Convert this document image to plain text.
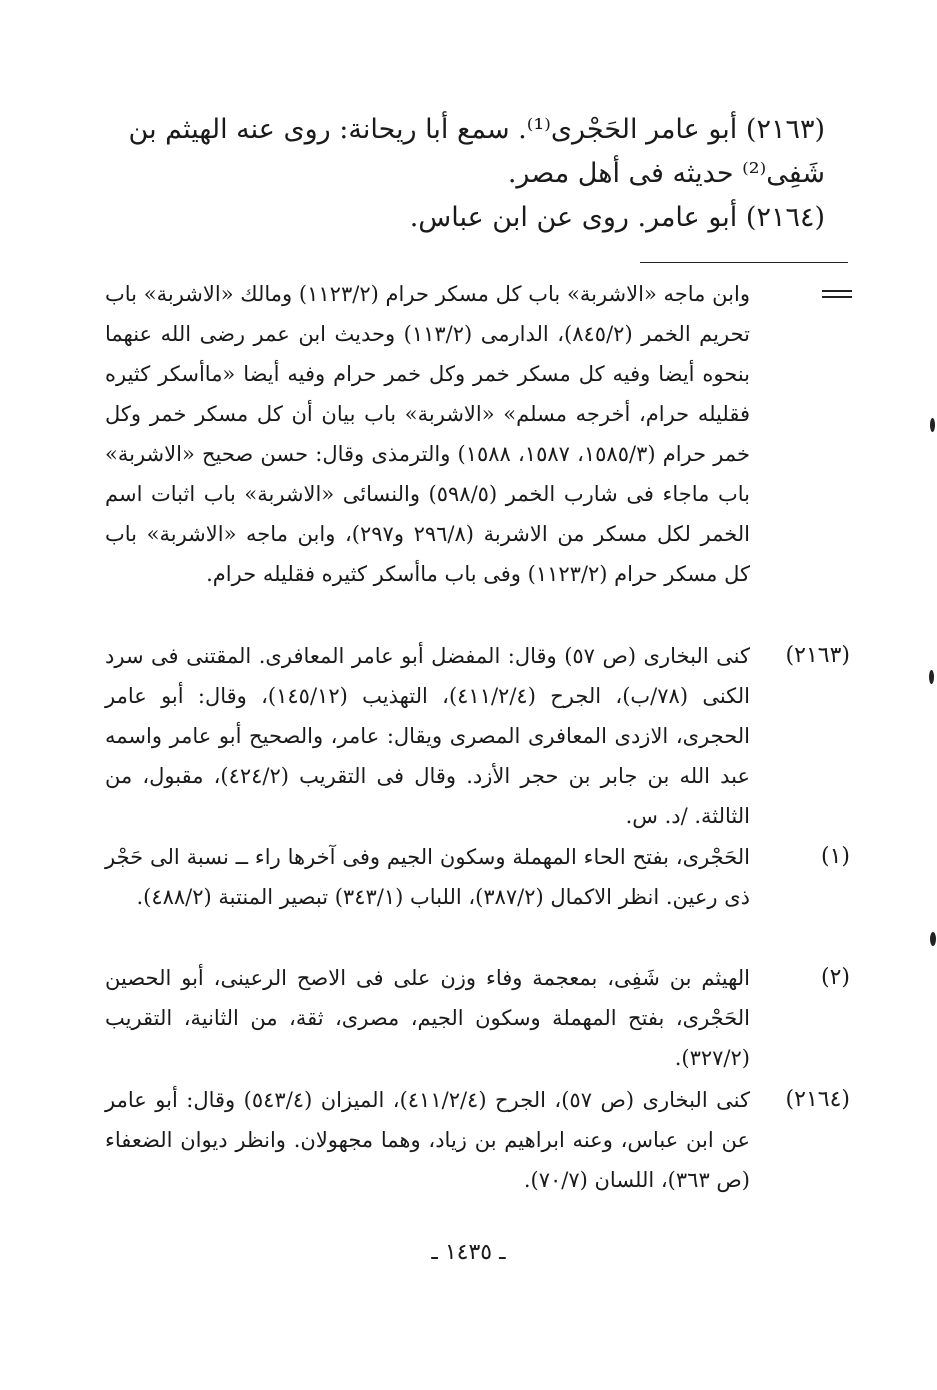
(٢١٦٣) أبو عامر الحَجْرى⁽¹⁾. سمع أبا ريحانة: روى عنه الهيثم بن

شَفِى⁽²⁾ حديثه فى أهل مصر.

(٢١٦٤) أبو عامر. روى عن ابن عباس.

وابن ماجه «الاشربة» باب كل مسكر حرام (١١٢٣/٢) ومالك «الاشربة» باب تحريم الخمر (٨٤٥/٢)، الدارمى (١١٣/٢) وحديث ابن عمر رضى الله عنهما بنحوه أيضا وفيه كل مسكر خمر وكل خمر حرام وفيه أيضا «ماأسكر كثيره فقليله حرام، أخرجه مسلم» «الاشربة» باب بيان أن كل مسكر خمر وكل خمر حرام (١٥٨٥/٣، ١٥٨٧، ١٥٨٨) والترمذى وقال: حسن صحيح «الاشربة» باب ماجاء فى شارب الخمر (٥٩٨/٥) والنسائى «الاشربة» باب اثبات اسم الخمر لكل مسكر من الاشربة (٢٩٦/٨ و٢٩٧)، وابن ماجه «الاشربة» باب كل مسكر حرام (١١٢٣/٢) وفى باب ماأسكر كثيره فقليله حرام.

(٢١٦٣)

كنى البخارى (ص ٥٧) وقال: المفضل أبو عامر المعافرى. المقتنى فى سرد الكنى (٧٨/ب)، الجرح (٤١١/٢/٤)، التهذيب (١٤٥/١٢)، وقال: أبو عامر الحجرى، الازدى المعافرى المصرى ويقال: عامر، والصحيح أبو عامر واسمه عبد الله بن جابر بن حجر الأزد. وقال فى التقريب (٤٢٤/٢)، مقبول، من الثالثة. /د. س.

(١)

الحَجْرى، بفتح الحاء المهملة وسكون الجيم وفى آخرها راء ــ نسبة الى حَجْر ذى رعين. انظر الاكمال (٣٨٧/٢)، اللباب (٣٤٣/١) تبصير المنتبة (٤٨٨/٢).

(٢)

الهيثم بن شَفِى، بمعجمة وفاء وزن على فى الاصح الرعينى، أبو الحصين الحَجْرى، بفتح المهملة وسكون الجيم، مصرى، ثقة، من الثانية، التقريب (٣٢٧/٢).

(٢١٦٤)

كنى البخارى (ص ٥٧)، الجرح (٤١١/٢/٤)، الميزان (٥٤٣/٤) وقال: أبو عامر عن ابن عباس، وعنه ابراهيم بن زياد، وهما مجهولان. وانظر ديوان الضعفاء (ص ٣٦٣)، اللسان (٧٠/٧).

ـ ١٤٣٥ ـ
